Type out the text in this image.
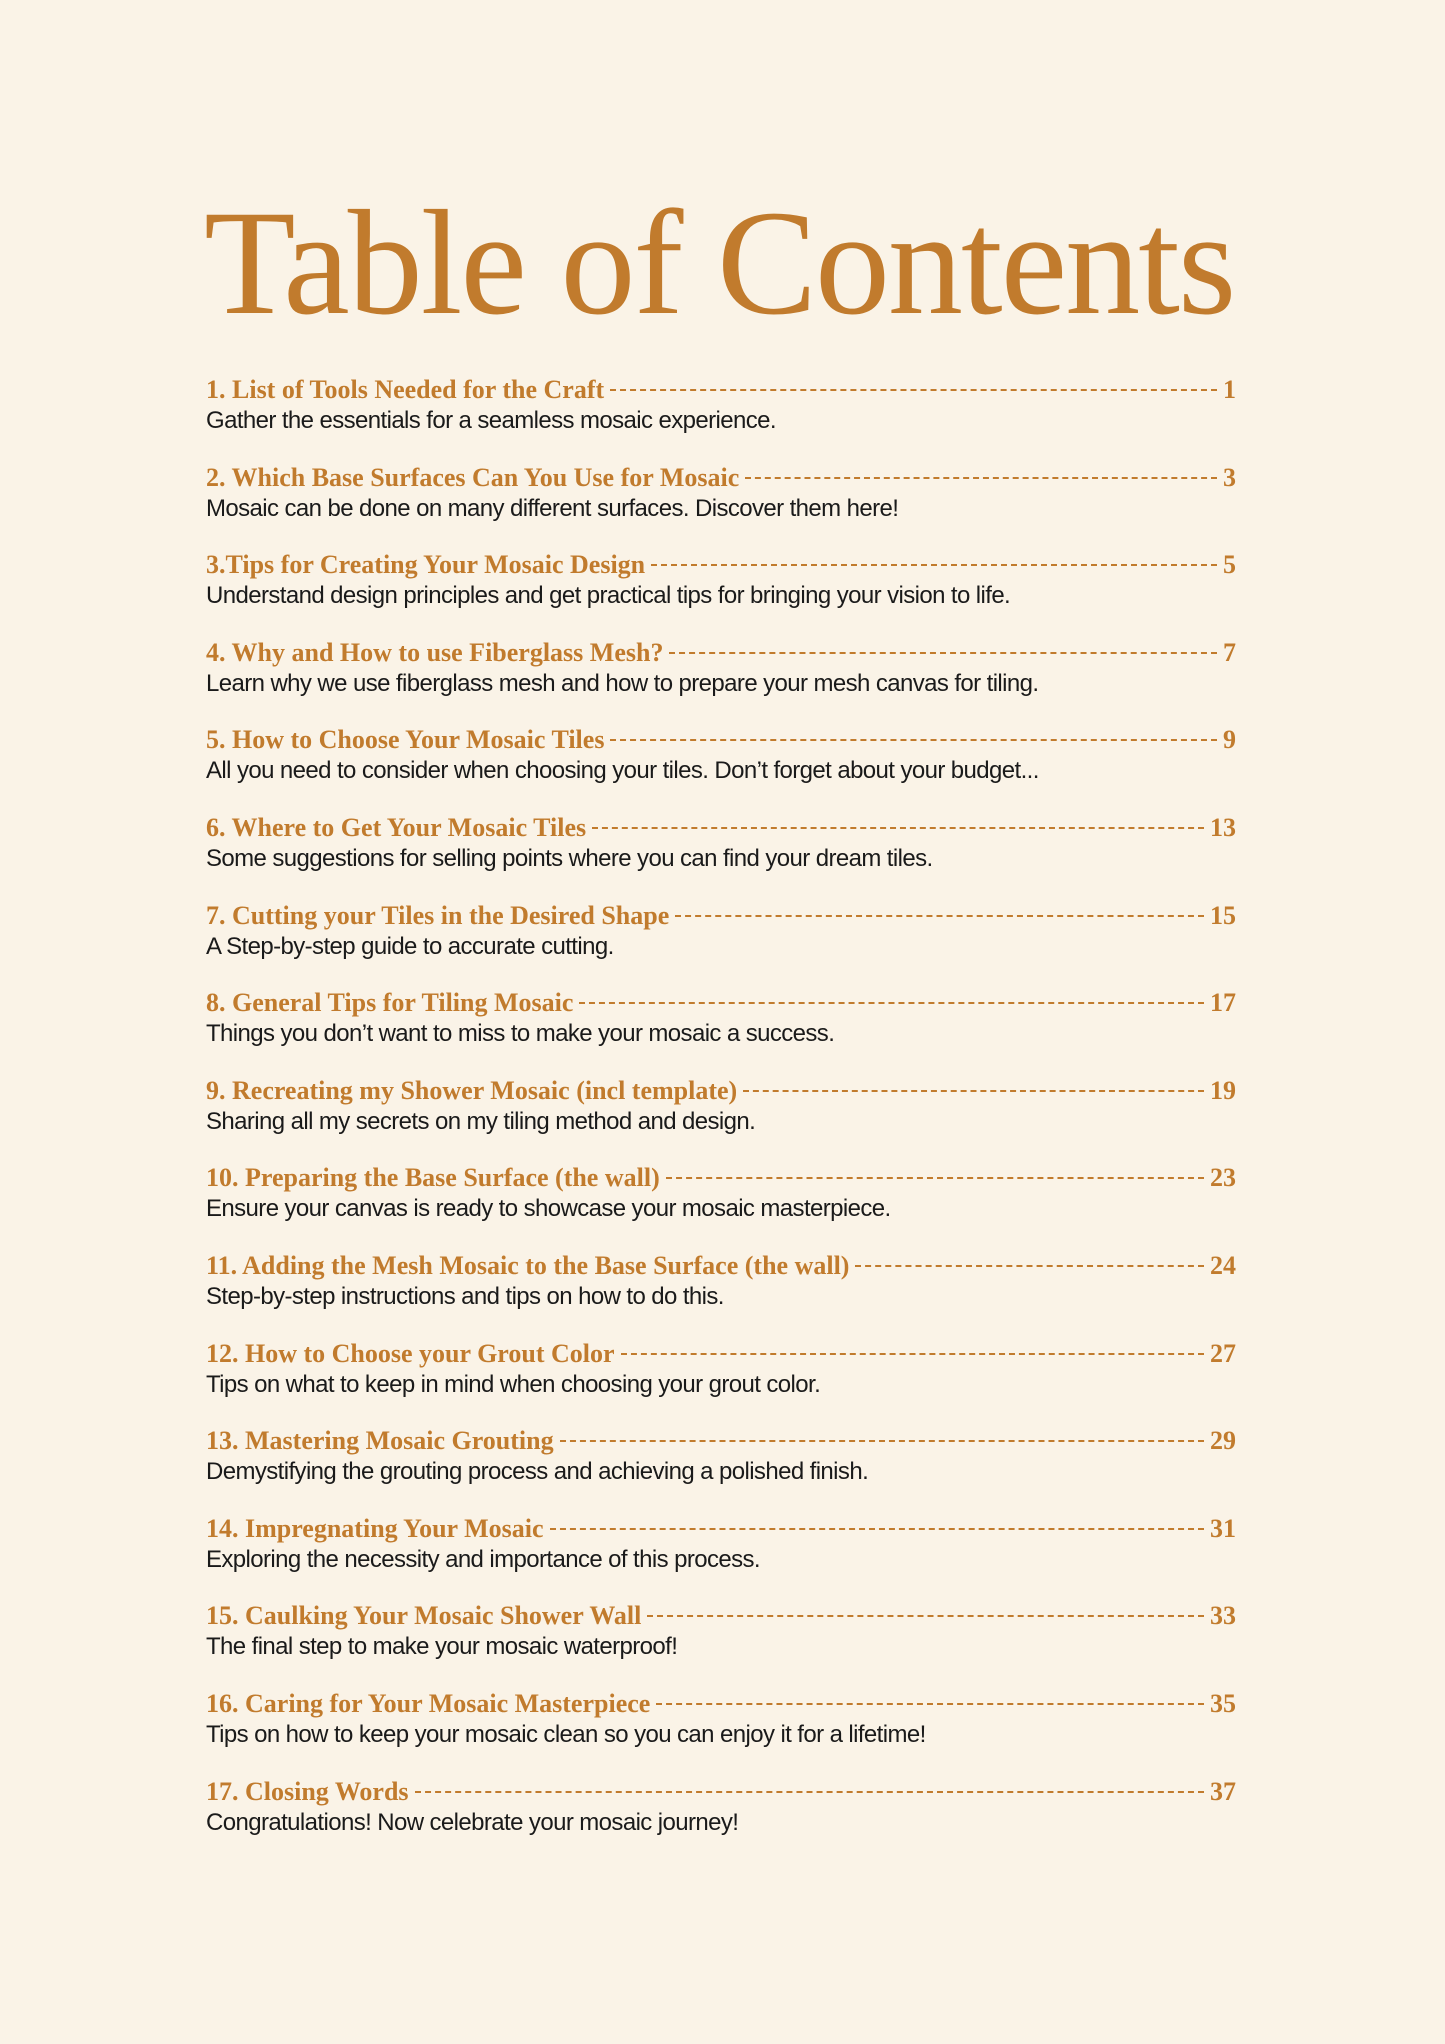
Table of Contents
1. List of Tools Needed for the Craft	1
Gather the essentials for a seamless mosaic experience.
2. Which Base Surfaces Can You Use for Mosaic	3
Mosaic can be done on many different surfaces. Discover them here!
3.Tips for Creating Your Mosaic Design	5
Understand design principles and get practical tips for bringing your vision to life.
4. Why and How to use Fiberglass Mesh?	7
Learn why we use fiberglass mesh and how to prepare your mesh canvas for tiling.
5. How to Choose Your Mosaic Tiles	9
All you need to consider when choosing your tiles. Don’t forget about your budget...
6. Where to Get Your Mosaic Tiles	13
Some suggestions for selling points where you can find your dream tiles.
7. Cutting your Tiles in the Desired Shape	15
A Step-by-step guide to accurate cutting.
8. General Tips for Tiling Mosaic	17
Things you don’t want to miss to make your mosaic a success.
9. Recreating my Shower Mosaic (incl template)	19
Sharing all my secrets on my tiling method and design.
10. Preparing the Base Surface (the wall)	23
Ensure your canvas is ready to showcase your mosaic masterpiece.
11. Adding the Mesh Mosaic to the Base Surface (the wall)	24
Step-by-step instructions and tips on how to do this.
12. How to Choose your Grout Color	27
Tips on what to keep in mind when choosing your grout color.
13. Mastering Mosaic Grouting	29
Demystifying the grouting process and achieving a polished finish.
14. Impregnating Your Mosaic	31
Exploring the necessity and importance of this process.
15. Caulking Your Mosaic Shower Wall	33
The final step to make your mosaic waterproof!
16. Caring for Your Mosaic Masterpiece	35
Tips on how to keep your mosaic clean so you can enjoy it for a lifetime!
17. Closing Words	37
Congratulations! Now celebrate your mosaic journey!
